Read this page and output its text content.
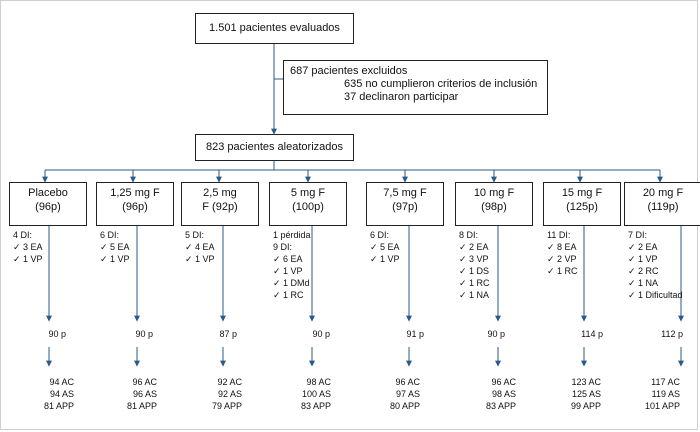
1.501 pacientes evaluados
687 pacientes excluidos
635 no cumplieron criterios de inclusión
37 declinaron participar
823 pacientes aleatorizados
Placebo
(96p)
4 DI:
✓ 3 EA
✓ 1 VP
90 p
94 AC
94 AS
81 APP
1,25 mg F
(96p)
6 DI:
✓ 5 EA
✓ 1 VP
90 p
96 AC
96 AS
81 APP
2,5 mg
F (92p)
5 DI:
✓ 4 EA
✓ 1 VP
87 p
92 AC
92 AS
79 APP
5 mg F
(100p)
1 pérdida
9 DI:
✓ 6 EA
✓ 1 VP
✓ 1 DMd
✓ 1 RC
90 p
98 AC
100 AS
83 APP
7,5 mg F
(97p)
6 DI:
✓ 5 EA
✓ 1 VP
91 p
96 AC
97 AS
80 APP
10 mg F
(98p)
8 DI:
✓ 2 EA
✓ 3 VP
✓ 1 DS
✓ 1 RC
✓ 1 NA
90 p
96 AC
98 AS
83 APP
15 mg F
(125p)
11 DI:
✓ 8 EA
✓ 2 VP
✓ 1 RC
114 p
123 AC
125 AS
99 APP
20 mg F
(119p)
7 DI:
✓ 2 EA
✓ 1 VP
✓ 2 RC
✓ 1 NA
✓ 1 Dificultad
112 p
117 AC
119 AS
101 APP
